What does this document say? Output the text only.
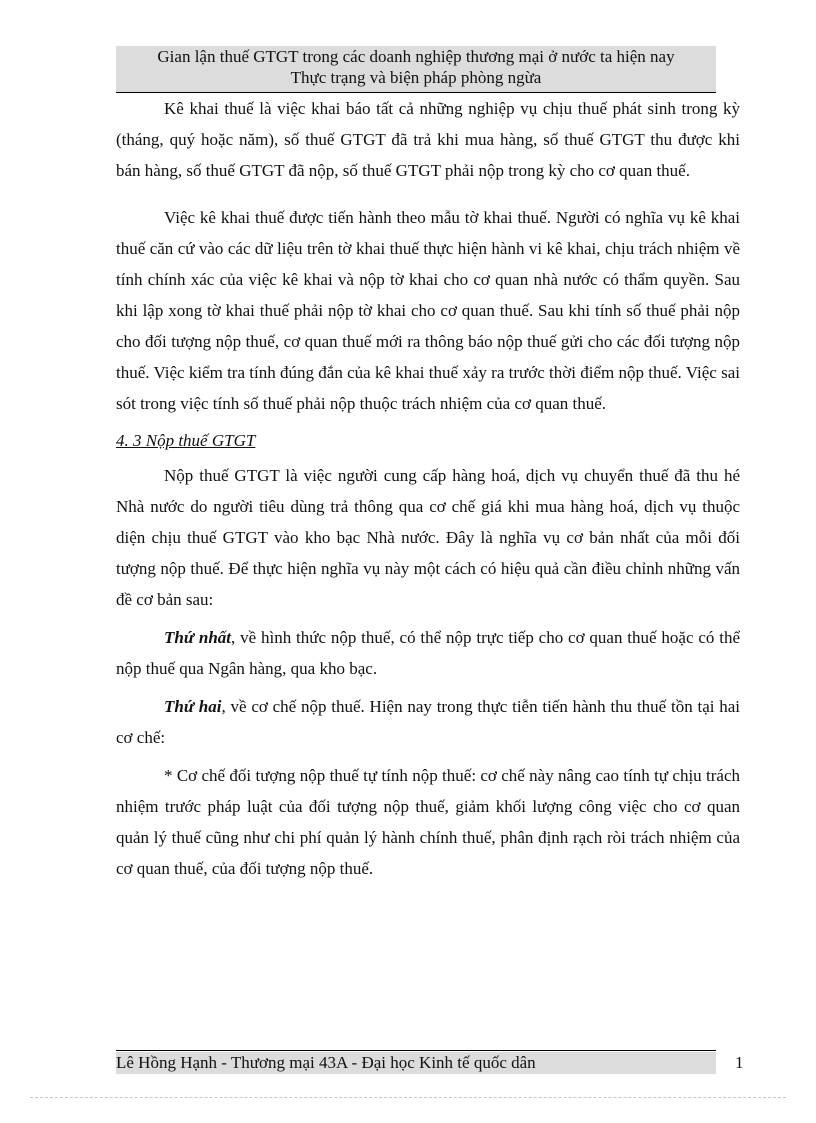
Gian lận thuế GTGT trong các doanh nghiệp thương mại ở nước ta hiện nay
Thực trạng và biện pháp phòng ngừa

Kê khai thuế là việc khai báo tất cả những nghiệp vụ chịu thuế phát sinh trong kỳ (tháng, quý hoặc năm), số thuế GTGT đã trả khi mua hàng, số thuế GTGT thu được khi bán hàng, số thuế GTGT đã nộp, số thuế GTGT phải nộp trong kỳ cho cơ quan thuế.

Việc kê khai thuế được tiến hành theo mẫu tờ khai thuế. Người có nghĩa vụ kê khai thuế căn cứ vào các dữ liệu trên tờ khai thuế thực hiện hành vi kê khai, chịu trách nhiệm về tính chính xác của việc kê khai và nộp tờ khai cho cơ quan nhà nước có thẩm quyền. Sau khi lập xong tờ khai thuế phải nộp tờ khai cho cơ quan thuế. Sau khi tính số thuế phải nộp cho đối tượng nộp thuế, cơ quan thuế mới ra thông báo nộp thuế gửi cho các đối tượng nộp thuế. Việc kiểm tra tính đúng đắn của kê khai thuế xảy ra trước thời điểm nộp thuế. Việc sai sót trong việc tính số thuế phải nộp thuộc trách nhiệm của cơ quan thuế.

4. 3 Nộp thuế GTGT

Nộp thuế GTGT là việc người cung cấp hàng hoá, dịch vụ chuyển thuế đã thu hé Nhà nước do người tiêu dùng trả thông qua cơ chế giá khi mua hàng hoá, dịch vụ thuộc diện chịu thuế GTGT vào kho bạc Nhà nước. Đây là nghĩa vụ cơ bản nhất của mỗi đối tượng nộp thuế. Để thực hiện nghĩa vụ này một cách có hiệu quả cần điều chỉnh những vấn đề cơ bản sau:

Thứ nhất, về hình thức nộp thuế, có thể nộp trực tiếp cho cơ quan thuế hoặc có thể nộp thuế qua Ngân hàng, qua kho bạc.

Thứ hai, về cơ chế nộp thuế. Hiện nay trong thực tiễn tiến hành thu thuế tồn tại hai cơ chế:

* Cơ chế đối tượng nộp thuế tự tính nộp thuế: cơ chế này nâng cao tính tự chịu trách nhiệm trước pháp luật của đối tượng nộp thuế, giảm khối lượng công việc cho cơ quan quản lý thuế cũng như chi phí quản lý hành chính thuế, phân định rạch ròi trách nhiệm của cơ quan thuế, của đối tượng nộp thuế.

Lê Hồng Hạnh - Thương mại 43A - Đại học Kinh tế quốc dân	1
